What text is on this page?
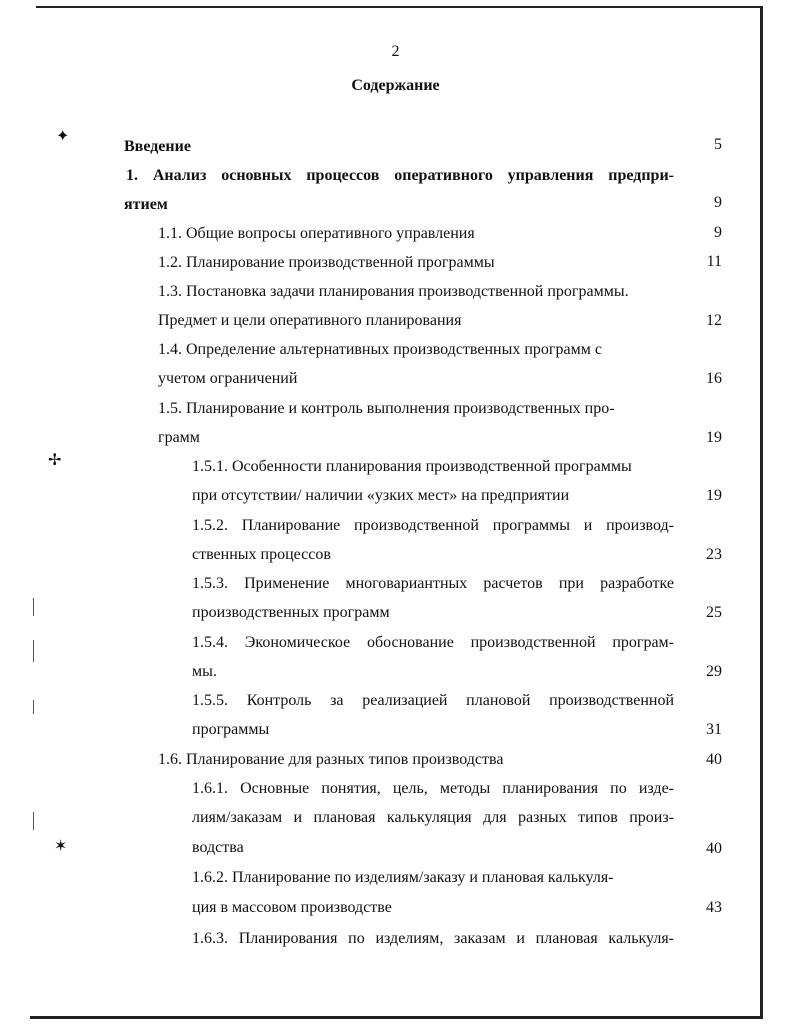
✦
✢
✶
2
Содержание
Введение	5
1. Анализ основных процессов оперативного управления предпри-
ятием	9
1.1. Общие вопросы оперативного управления	9
1.2. Планирование производственной программы	11
1.3. Постановка задачи планирования производственной программы.
Предмет и цели оперативного планирования	12
1.4. Определение альтернативных производственных программ с
учетом ограничений	16
1.5. Планирование и контроль выполнения производственных про-
грамм	19
1.5.1. Особенности планирования производственной программы
при отсутствии/ наличии «узких мест» на предприятии	19
1.5.2. Планирование производственной программы и производ-
ственных процессов	23
1.5.3. Применение многовариантных расчетов при разработке
производственных программ	25
1.5.4. Экономическое обоснование производственной програм-
мы.	29
1.5.5. Контроль за реализацией плановой производственной
программы	31
1.6. Планирование для разных типов производства	40
1.6.1. Основные понятия, цель, методы планирования по изде-
лиям/заказам и плановая калькуляция для разных типов произ-
водства	40
1.6.2. Планирование по изделиям/заказу и плановая калькуля-
ция в массовом производстве	43
1.6.3. Планирования по изделиям, заказам и плановая калькуля-
